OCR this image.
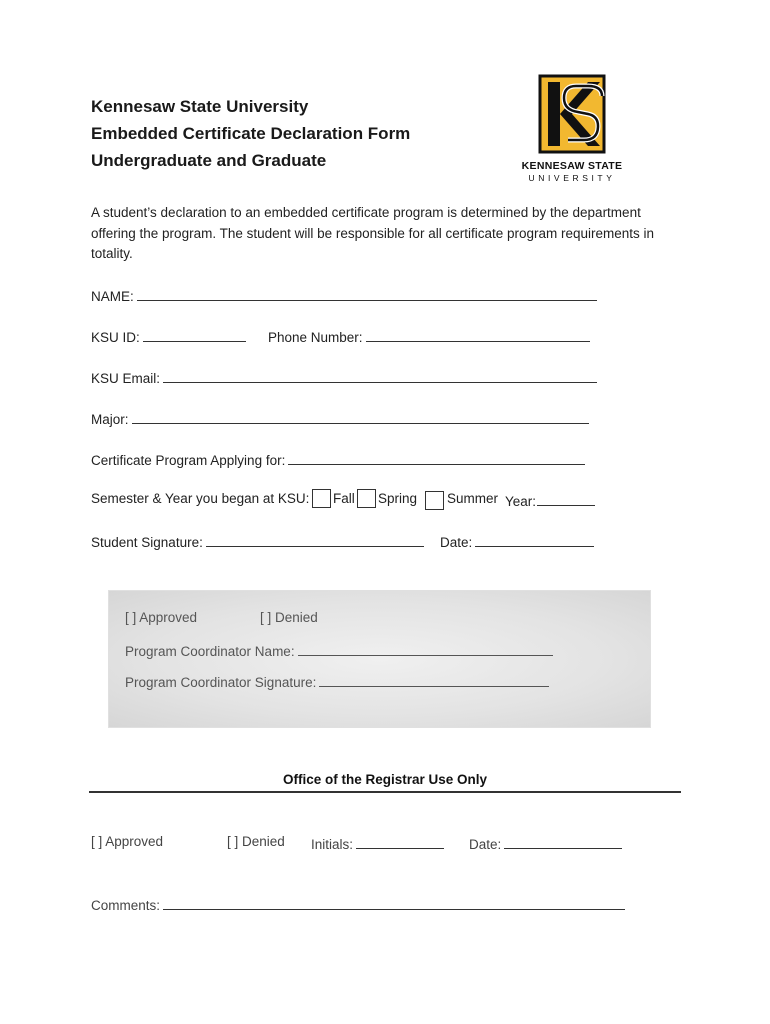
Kennesaw State University
Embedded Certificate Declaration Form
Undergraduate and Graduate	KENNESAW STATE
UNIVERSITY
A student’s declaration to an embedded certificate program is determined by the department offering the program. The student will be responsible for all certificate program requirements in totality.
NAME:
KSU ID:	Phone Number:
KSU Email:
Major:
Certificate Program Applying for:
Semester & Year you began at KSU: Fall Spring Summer Year:
Student Signature:	Date:
[ ] Approved	[ ] Denied
Program Coordinator Name:
Program Coordinator Signature:
Office of the Registrar Use Only
[ ] Approved	[ ] Denied Initials:	Date:
Comments:
